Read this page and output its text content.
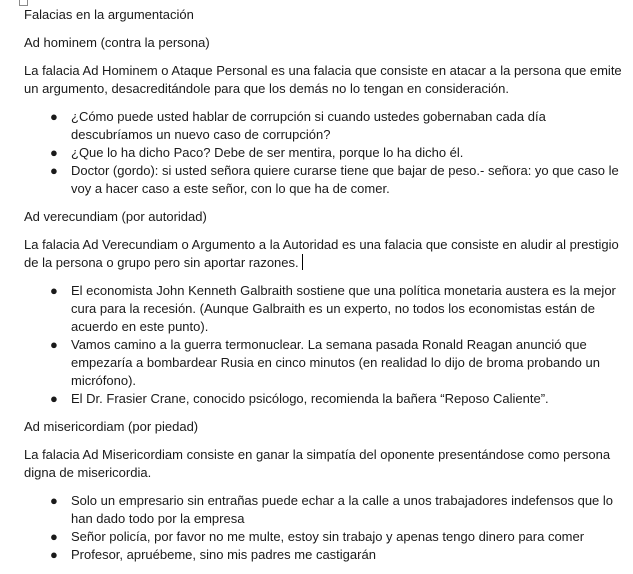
Falacias en la argumentación

Ad hominem (contra la persona)

La falacia Ad Hominem o Ataque Personal es una falacia que consiste en atacar a la persona que emite un argumento, desacreditándole para que los demás no lo tengan en consideración.

● ¿Cómo puede usted hablar de corrupción si cuando ustedes gobernaban cada día descubríamos un nuevo caso de corrupción?
● ¿Que lo ha dicho Paco? Debe de ser mentira, porque lo ha dicho él.
● Doctor (gordo): si usted señora quiere curarse tiene que bajar de peso.- señora: yo que caso le voy a hacer caso a este señor, con lo que ha de comer.

Ad verecundiam (por autoridad)

La falacia Ad Verecundiam o Argumento a la Autoridad es una falacia que consiste en aludir al prestigio de la persona o grupo pero sin aportar razones.

● El economista John Kenneth Galbraith sostiene que una política monetaria austera es la mejor cura para la recesión. (Aunque Galbraith es un experto, no todos los economistas están de acuerdo en este punto).
● Vamos camino a la guerra termonuclear. La semana pasada Ronald Reagan anunció que empezaría a bombardear Rusia en cinco minutos (en realidad lo dijo de broma probando un micrófono).
● El Dr. Frasier Crane, conocido psicólogo, recomienda la bañera “Reposo Caliente”.

Ad misericordiam (por piedad)

La falacia Ad Misericordiam consiste en ganar la simpatía del oponente presentándose como persona digna de misericordia.

● Solo un empresario sin entrañas puede echar a la calle a unos trabajadores indefensos que lo han dado todo por la empresa
● Señor policía, por favor no me multe, estoy sin trabajo y apenas tengo dinero para comer
● Profesor, apruébeme, sino mis padres me castigarán
